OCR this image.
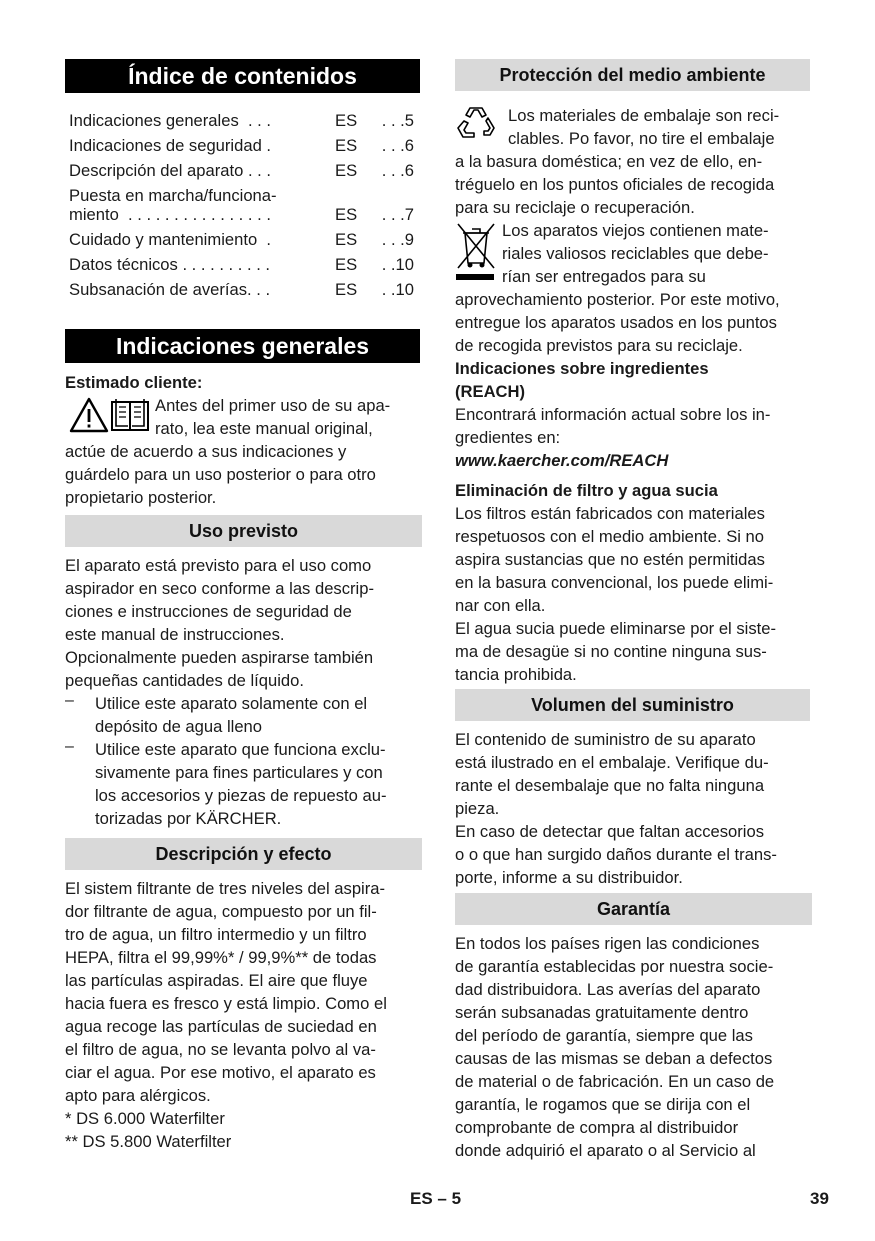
Índice de contenidos
Indicaciones generales  . . .	ES . . .5
Indicaciones de seguridad .	ES . . .6
Descripción del aparato . . .	ES . . .6
Puesta en marcha/funciona-
miento  . . . . . . . . . . . . . . . .	ES . . .7
Cuidado y mantenimiento  .	ES . . .9
Datos técnicos . . . . . . . . . .	ES . .10
Subsanación de averías. . .	ES . .10
Indicaciones generales

Estimado cliente:

Antes del primer uso de su apa-

rato, lea este manual original,

actúe de acuerdo a sus indicaciones y

guárdelo para un uso posterior o para otro

propietario posterior.

Uso previsto

El aparato está previsto para el uso como

aspirador en seco conforme a las descrip-

ciones e instrucciones de seguridad de

este manual de instrucciones.

Opcionalmente pueden aspirarse también

pequeñas cantidades de líquido.

– Utilice este aparato solamente con el

depósito de agua lleno

– Utilice este aparato que funciona exclu-

sivamente para fines particulares y con

los accesorios y piezas de repuesto au-

torizadas por KÄRCHER.

Descripción y efecto

El sistem filtrante de tres niveles del aspira-

dor filtrante de agua, compuesto por un fil-

tro de agua, un filtro intermedio y un filtro

HEPA, filtra el 99,99%* / 99,9%** de todas

las partículas aspiradas. El aire que fluye

hacia fuera es fresco y está limpio. Como el

agua recoge las partículas de suciedad en

el filtro de agua, no se levanta polvo al va-

ciar el agua. Por ese motivo, el aparato es

apto para alérgicos.

* DS 6.000 Waterfilter

** DS 5.800 Waterfilter

Protección del medio ambiente

Los materiales de embalaje son reci-

clables. Po favor, no tire el embalaje

a la basura doméstica; en vez de ello, en-

tréguelo en los puntos oficiales de recogida

para su reciclaje o recuperación.

Los aparatos viejos contienen mate-

riales valiosos reciclables que debe-

rían ser entregados para su

aprovechamiento posterior. Por este motivo,

entregue los aparatos usados en los puntos

de recogida previstos para su reciclaje.

Indicaciones sobre ingredientes

(REACH)

Encontrará información actual sobre los in-

gredientes en:

www.kaercher.com/REACH

Eliminación de filtro y agua sucia

Los filtros están fabricados con materiales

respetuosos con el medio ambiente. Si no

aspira sustancias que no estén permitidas

en la basura convencional, los puede elimi-

nar con ella.

El agua sucia puede eliminarse por el siste-

ma de desagüe si no contine ninguna sus-

tancia prohibida.

Volumen del suministro

El contenido de suministro de su aparato

está ilustrado en el embalaje. Verifique du-

rante el desembalaje que no falta ninguna

pieza.

En caso de detectar que faltan accesorios

o o que han surgido daños durante el trans-

porte, informe a su distribuidor.

Garantía

En todos los países rigen las condiciones

de garantía establecidas por nuestra socie-

dad distribuidora. Las averías del aparato

serán subsanadas gratuitamente dentro

del período de garantía, siempre que las

causas de las mismas se deban a defectos

de material o de fabricación. En un caso de

garantía, le rogamos que se dirija con el

comprobante de compra al distribuidor

donde adquirió el aparato o al Servicio al

ES – 5	39
